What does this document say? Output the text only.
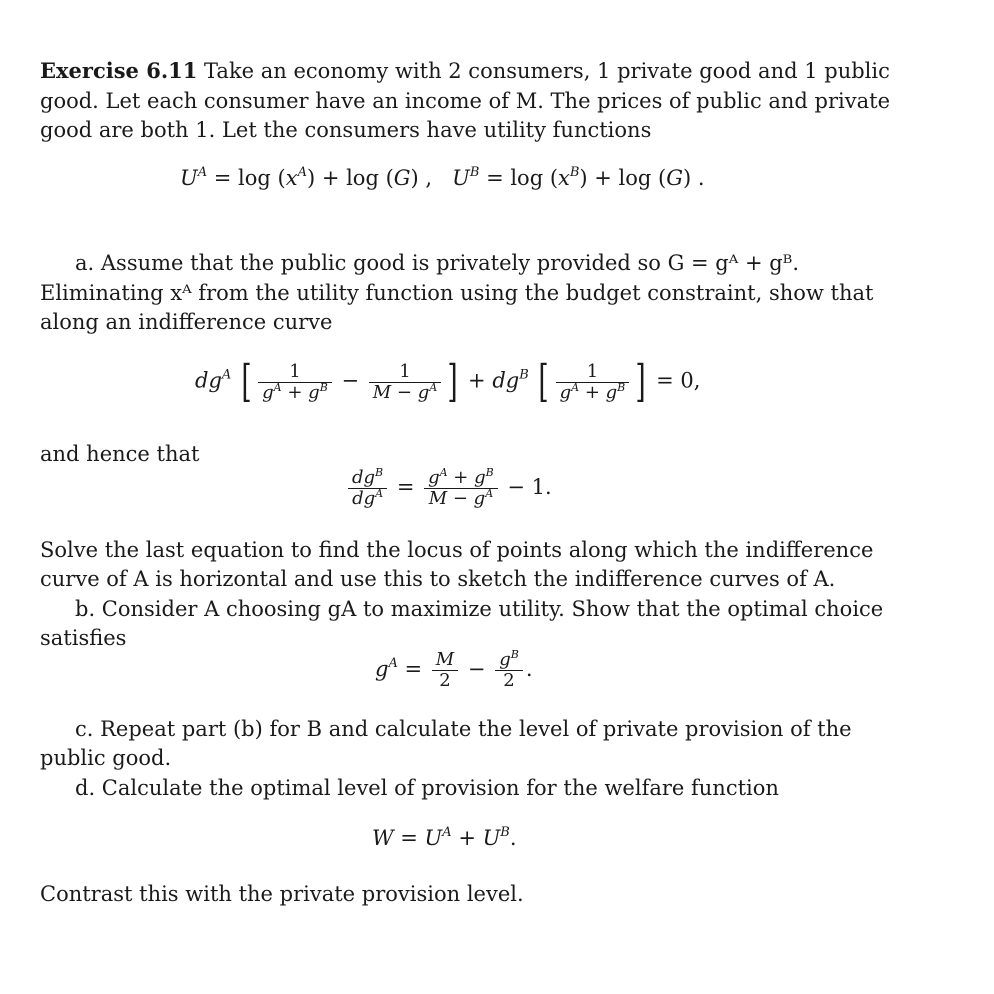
Exercise 6.11 Take an economy with 2 consumers, 1 private good and 1 public
good. Let each consumer have an income of M. The prices of public and private
good are both 1. Let the consumers have utility functions
$U^A = \log (x^A) + \log (G)$ ,   $U^B = \log (x^B) + \log (G)$ .
a. Assume that the public good is privately provided so G = gᴬ + gᴮ.
Eliminating xᴬ from the utility function using the budget constraint, show that
along an indifference curve
$dg^A$ [ $\frac{1}{g^A + g^B} - \frac{1}{M - g^A}$ ] + $dg^B$ [ $\frac{1}{g^A + g^B}$ ] = 0,
and hence that
$\frac{dg^B}{dg^A} = \frac{g^A + g^B}{M - g^A} - 1$.
Solve the last equation to find the locus of points along which the indifference
curve of A is horizontal and use this to sketch the indifference curves of A.
b. Consider A choosing gA to maximize utility. Show that the optimal choice
satisfies
$g^A = \frac{M}{2} - \frac{g^B}{2}$ .
c. Repeat part (b) for B and calculate the level of private provision of the
public good.
d. Calculate the optimal level of provision for the welfare function
$W = U^A + U^B$.
Contrast this with the private provision level.
